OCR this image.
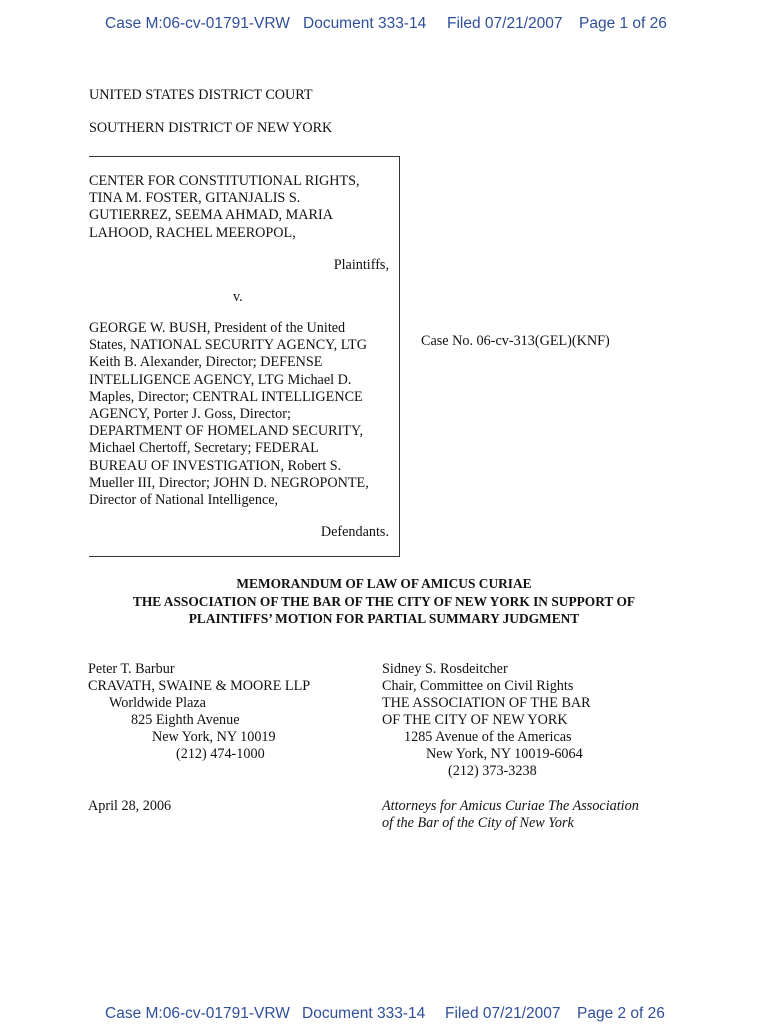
Case M:06-cv-01791-VRW Document 333-14 Filed 07/21/2007 Page 1 of 26
UNITED STATES DISTRICT COURT
SOUTHERN DISTRICT OF NEW YORK
CENTER FOR CONSTITUTIONAL RIGHTS,
TINA M. FOSTER, GITANJALIS S.
GUTIERREZ, SEEMA AHMAD, MARIA
LAHOOD, RACHEL MEEROPOL,
Plaintiffs,
v.
GEORGE W. BUSH, President of the United
States, NATIONAL SECURITY AGENCY, LTG
Keith B. Alexander, Director; DEFENSE
INTELLIGENCE AGENCY, LTG Michael D.
Maples, Director; CENTRAL INTELLIGENCE
AGENCY, Porter J. Goss, Director;
DEPARTMENT OF HOMELAND SECURITY,
Michael Chertoff, Secretary; FEDERAL
BUREAU OF INVESTIGATION, Robert S.
Mueller III, Director; JOHN D. NEGROPONTE,
Director of National Intelligence,
Defendants.
Case No. 06-cv-313(GEL)(KNF)
MEMORANDUM OF LAW OF AMICUS CURIAE
THE ASSOCIATION OF THE BAR OF THE CITY OF NEW YORK IN SUPPORT OF
PLAINTIFFS’ MOTION FOR PARTIAL SUMMARY JUDGMENT
Peter T. Barbur
CRAVATH, SWAINE & MOORE LLP
Worldwide Plaza
825 Eighth Avenue
New York, NY 10019
(212) 474-1000
Sidney S. Rosdeitcher
Chair, Committee on Civil Rights
THE ASSOCIATION OF THE BAR
OF THE CITY OF NEW YORK
1285 Avenue of the Americas
New York, NY 10019-6064
(212) 373-3238
April 28, 2006	Attorneys for Amicus Curiae The Association
of the Bar of the City of New York
Case M:06-cv-01791-VRW Document 333-14 Filed 07/21/2007 Page 2 of 26
